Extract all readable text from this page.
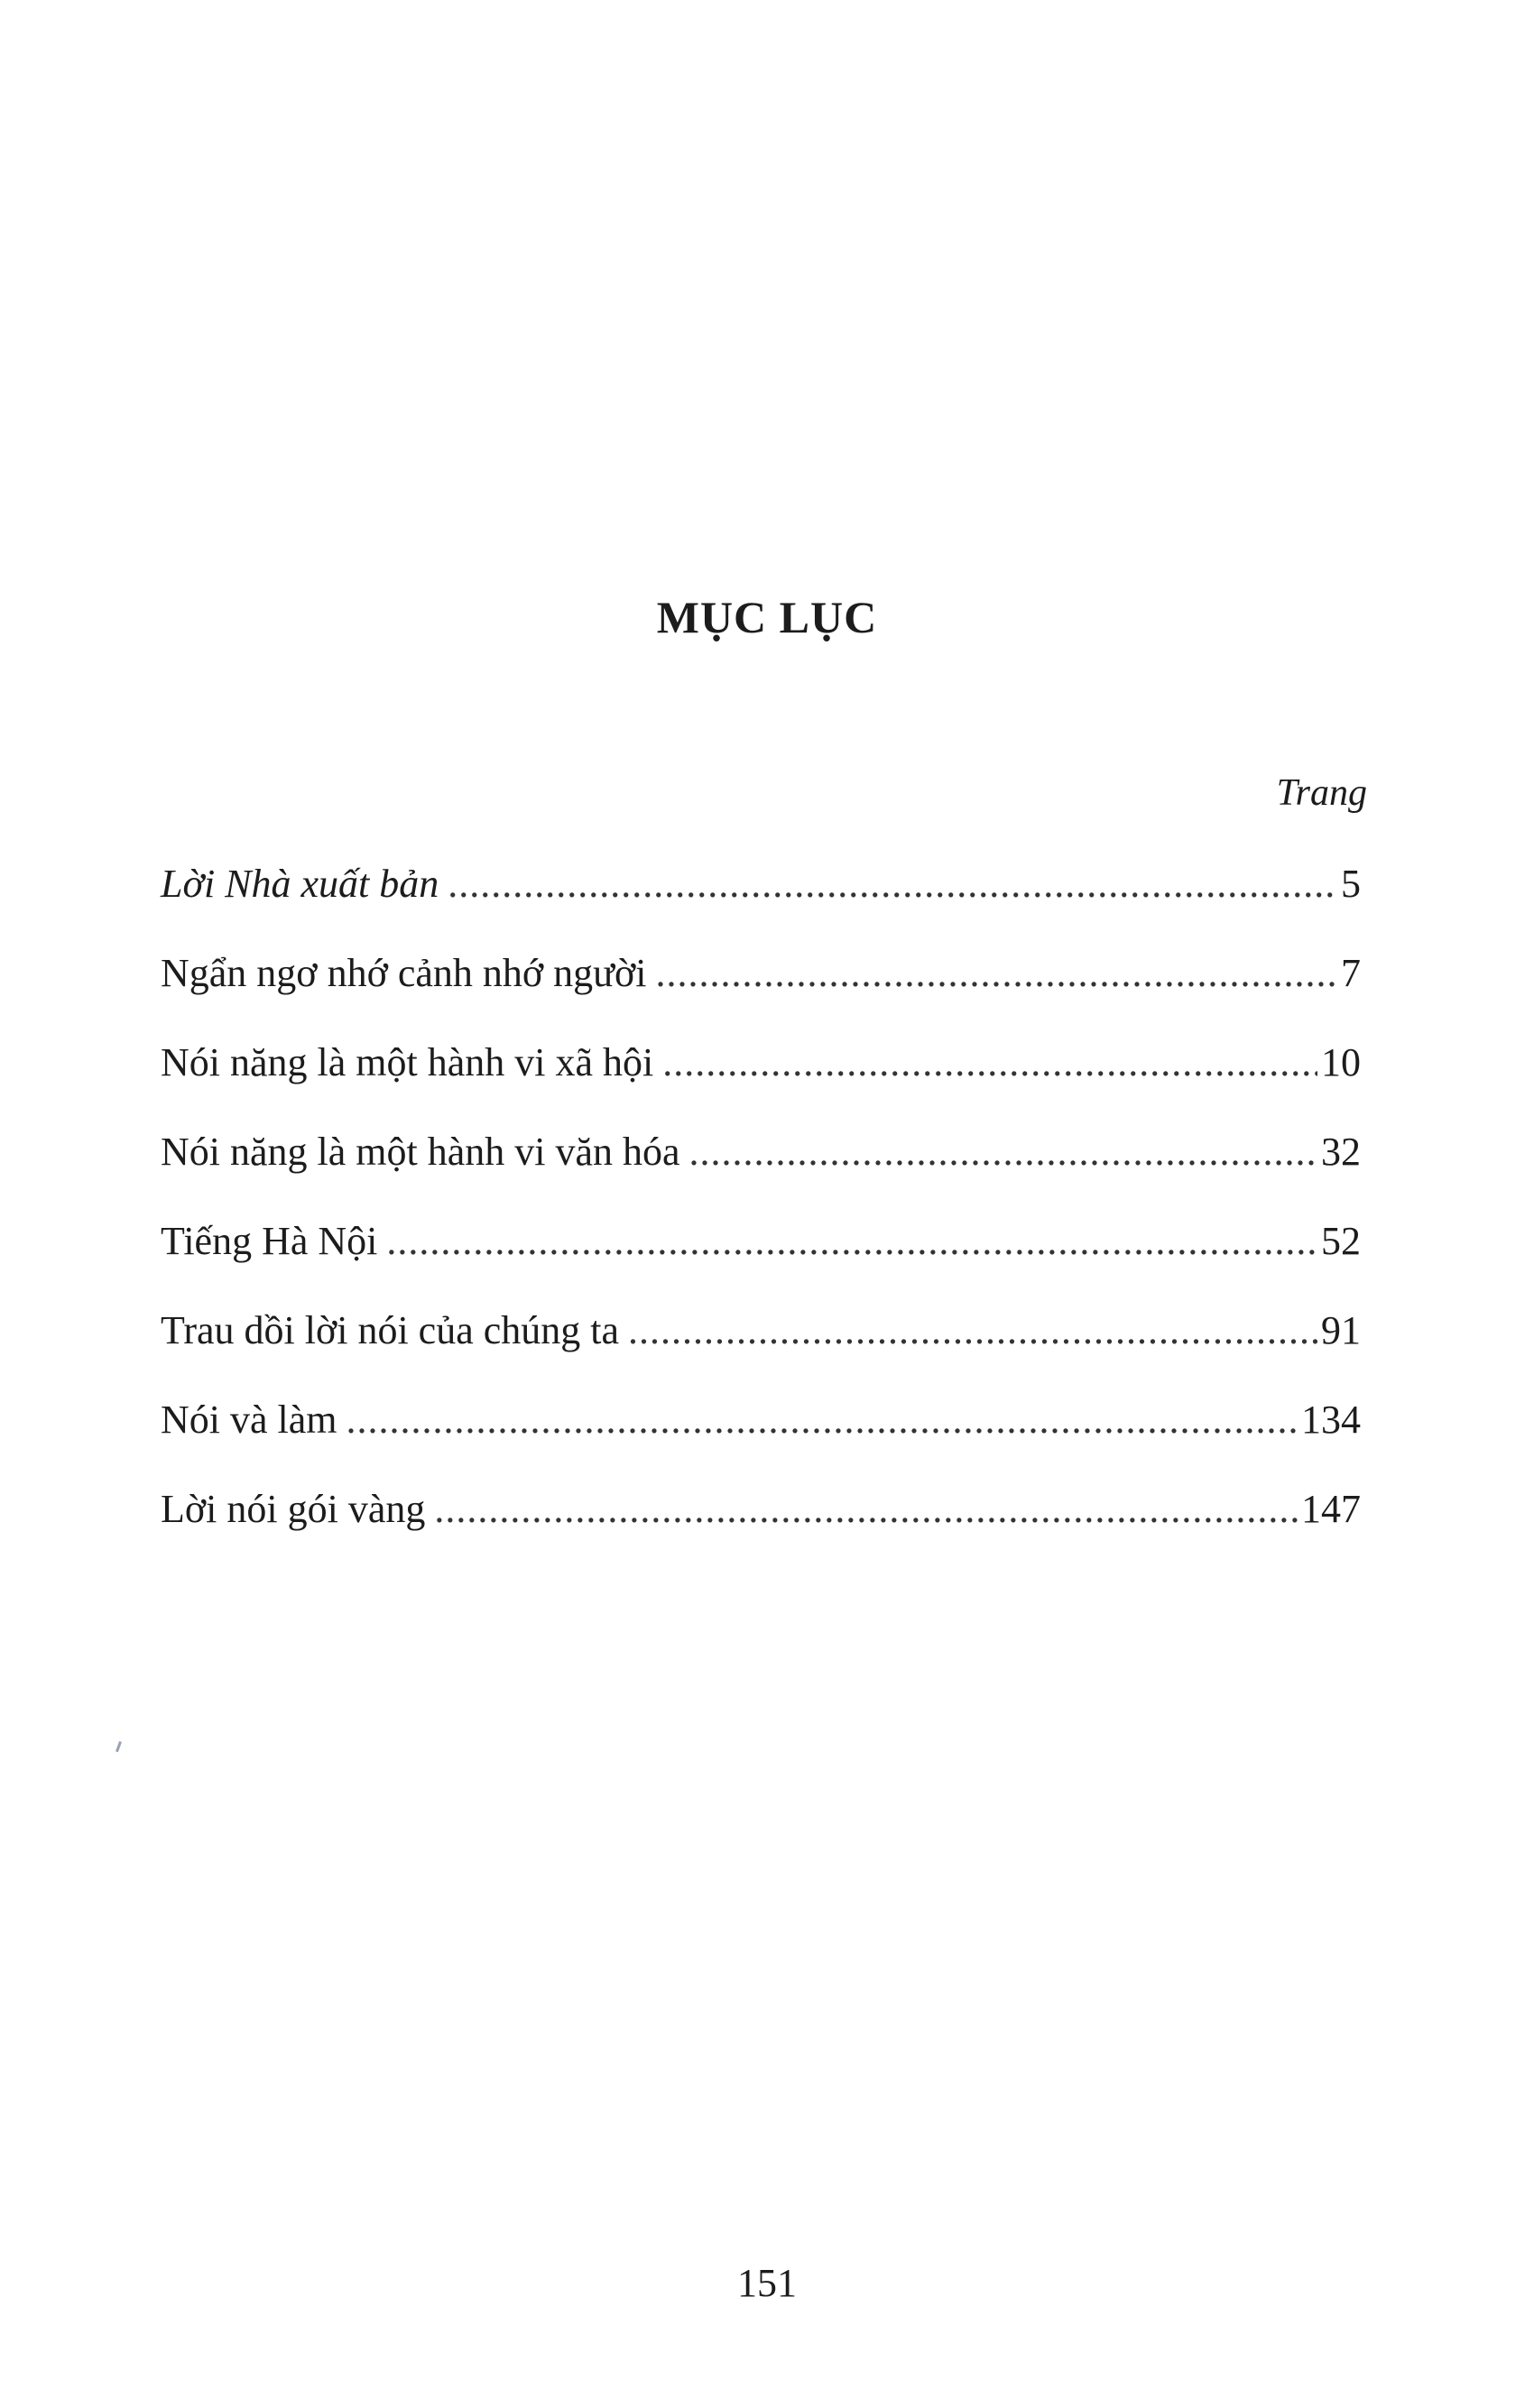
MỤC LỤC
Trang
Lời Nhà xuất bản .....	5
Ngẩn ngơ nhớ cảnh nhớ người .....	7
Nói năng là một hành vi xã hội .....	10
Nói năng là một hành vi văn hóa .....	32
Tiếng Hà Nội .....	52
Trau dồi lời nói của chúng ta .....	91
Nói và làm .....	134
Lời nói gói vàng .....	147
151
